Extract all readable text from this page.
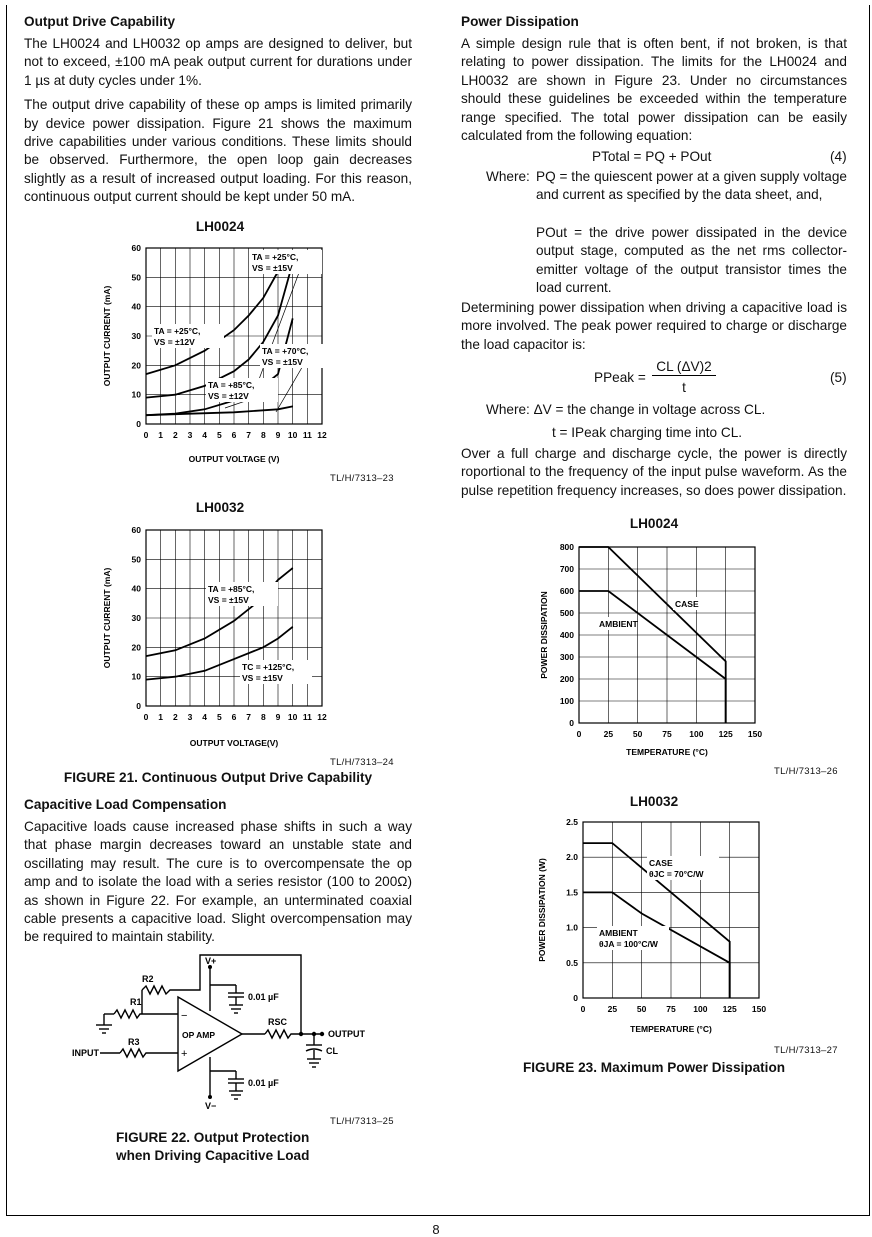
Output Drive Capability

The LH0024 and LH0032 op amps are designed to deliver, but not to exceed, ±100 mA peak output current for durations under 1 µs at duty cycles under 1%.

The output drive capability of these op amps is limited primarily by device power dissipation. Figure 21 shows the maximum drive capabilities under various conditions. These limits should be observed. Furthermore, the open loop gain decreases slightly as a result of increased output loading. For this reason, continuous output current should be kept under 50 mA.

LH0024
0 1 2 3 4 5 6 7 8 9 10 11 12
0
10
20
30
40
50
60
OUTPUT VOLTAGE (V)
OUTPUT CURRENT (mA)
TA = +25°C,
VS = ±15V
TA = +25°C,
VS = ±12V
TA = +70°C,
VS = ±15V
TA = +85°C,
VS = ±12V
TL/H/7313–23
LH0032
0 1 2 3 4 5 6 7 8 9 10 11 12
0
10
20
30
40
50
60
OUTPUT VOLTAGE(V)
OUTPUT CURRENT (mA)	TA = +85°C,
VS = ±15V
TC = +125°C,
VS = ±15V
TL/H/7313–24
FIGURE 21. Continuous Output Drive Capability
Capacitive Load Compensation

Capacitive loads cause increased phase shifts in such a way that phase margin decreases toward an unstable state and oscillating may result. The cure is to overcompensate the op amp and to isolate the load with a series resistor (100 to 200Ω) as shown in Figure 22. For example, an unterminated coaxial cable presents a capacitive load. Slight overcompensation may be required to maintain stability.

R2
R1
R3
V+
V−
0.01 µF
0.01 µF
OP AMP
RSC
OUTPUT
CL
INPUT
−
+
TL/H/7313–25
FIGURE 22. Output Protection
when Driving Capacitive Load
Power Dissipation

A simple design rule that is often bent, if not broken, is that relating to power dissipation. The limits for the LH0024 and LH0032 are shown in Figure 23. Under no circumstances should these guidelines be exceeded within the temperature range specified. The total power dissipation can be easily calculated from the following equation:

PTotal = PQ + POut	(4)
Where: PQ = the quiescent power at a given supply voltage and current as specified by the data sheet, and,
POut = the drive power dissipated in the device output stage, computed as the net rms collector-emitter voltage of the output transistor times the load current.

Determining power dissipation when driving a capacitive load is more involved. The peak power required to charge or discharge the load capacitor is:

PPeak =
CL (ΔV)2
t
(5)
Where: ΔV = the change in voltage across CL.
t = IPeak charging time into CL.

Over a full charge and discharge cycle, the power is directly roportional to the frequency of the input pulse waveform. As the pulse repetition frequency increases, so does power dissipation.

LH0024
0	25 50 75 100 125 150
0
100
200
300
400
500
600
700
800
TEMPERATURE (°C)
POWER DISSIPATION	CASE
AMBIENT
TL/H/7313–26
LH0032
0	25 50 75 100 125 150
0
0.5
1.0
1.5
2.0
2.5
TEMPERATURE (°C)
POWER DISSIPATION (W)	CASE
θJC = 70°C/W
AMBIENT
θJA = 100°C/W
TL/H/7313–27
FIGURE 23. Maximum Power Dissipation
8
